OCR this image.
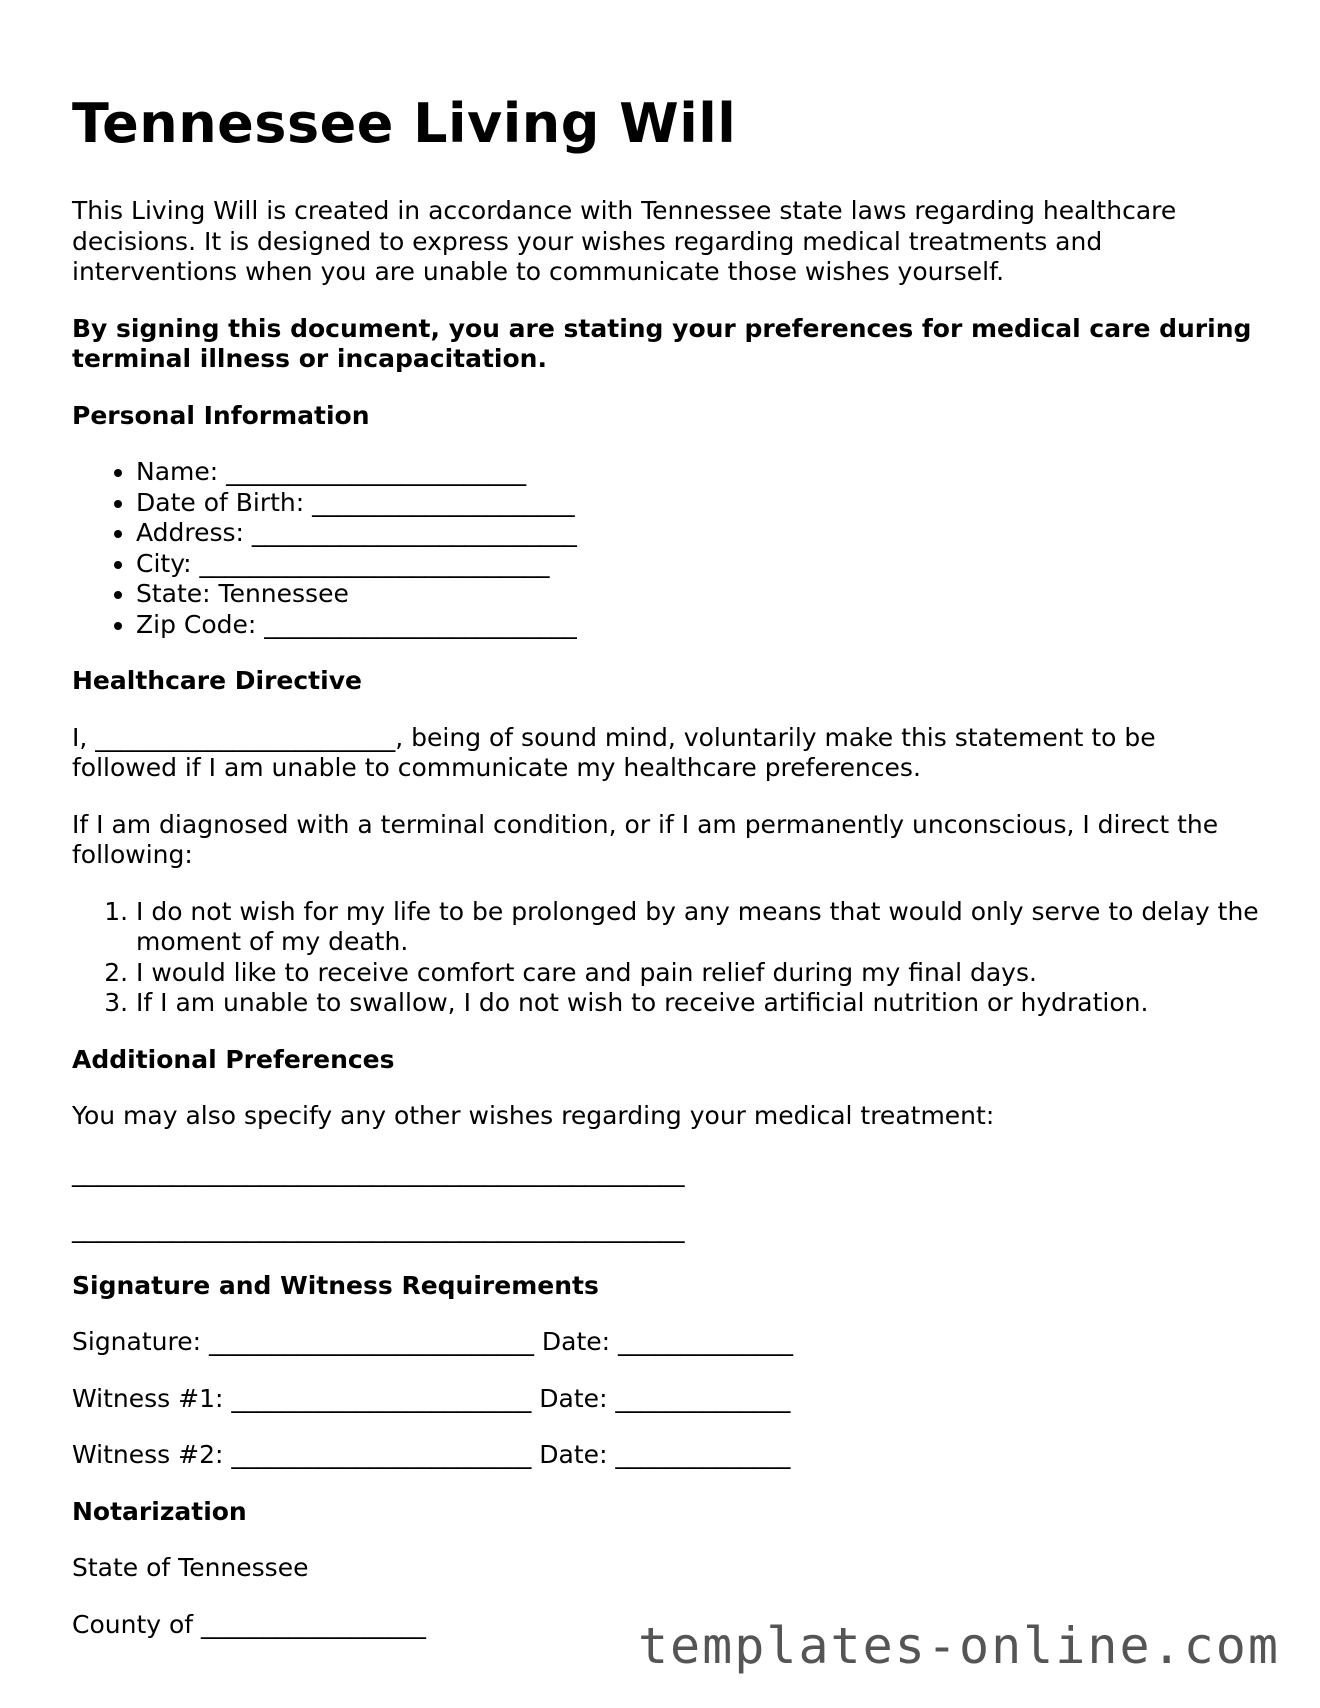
Tennessee Living Will

This Living Will is created in accordance with Tennessee state laws regarding healthcare decisions. It is designed to express your wishes regarding medical treatments and interventions when you are unable to communicate those wishes yourself.

By signing this document, you are stating your preferences for medical care during terminal illness or incapacitation.

Personal Information
• Name: ________________________
• Date of Birth: _____________________
• Address: __________________________
• City: ____________________________
• State: Tennessee
• Zip Code: _________________________
Healthcare Directive

I, ________________________, being of sound mind, voluntarily make this statement to be followed if I am unable to communicate my healthcare preferences.

If I am diagnosed with a terminal condition, or if I am permanently unconscious, I direct the following:

1. I do not wish for my life to be prolonged by any means that would only serve to delay the moment of my death.
2. I would like to receive comfort care and pain relief during my final days.
3. If I am unable to swallow, I do not wish to receive artificial nutrition or hydration.
Additional Preferences

You may also specify any other wishes regarding your medical treatment:

_________________________________________________
_________________________________________________
Signature and Witness Requirements
Signature: __________________________ Date: ______________
Witness #1: ________________________ Date: ______________
Witness #2: ________________________ Date: ______________
Notarization

State of Tennessee

County of __________________	templates-online.com
